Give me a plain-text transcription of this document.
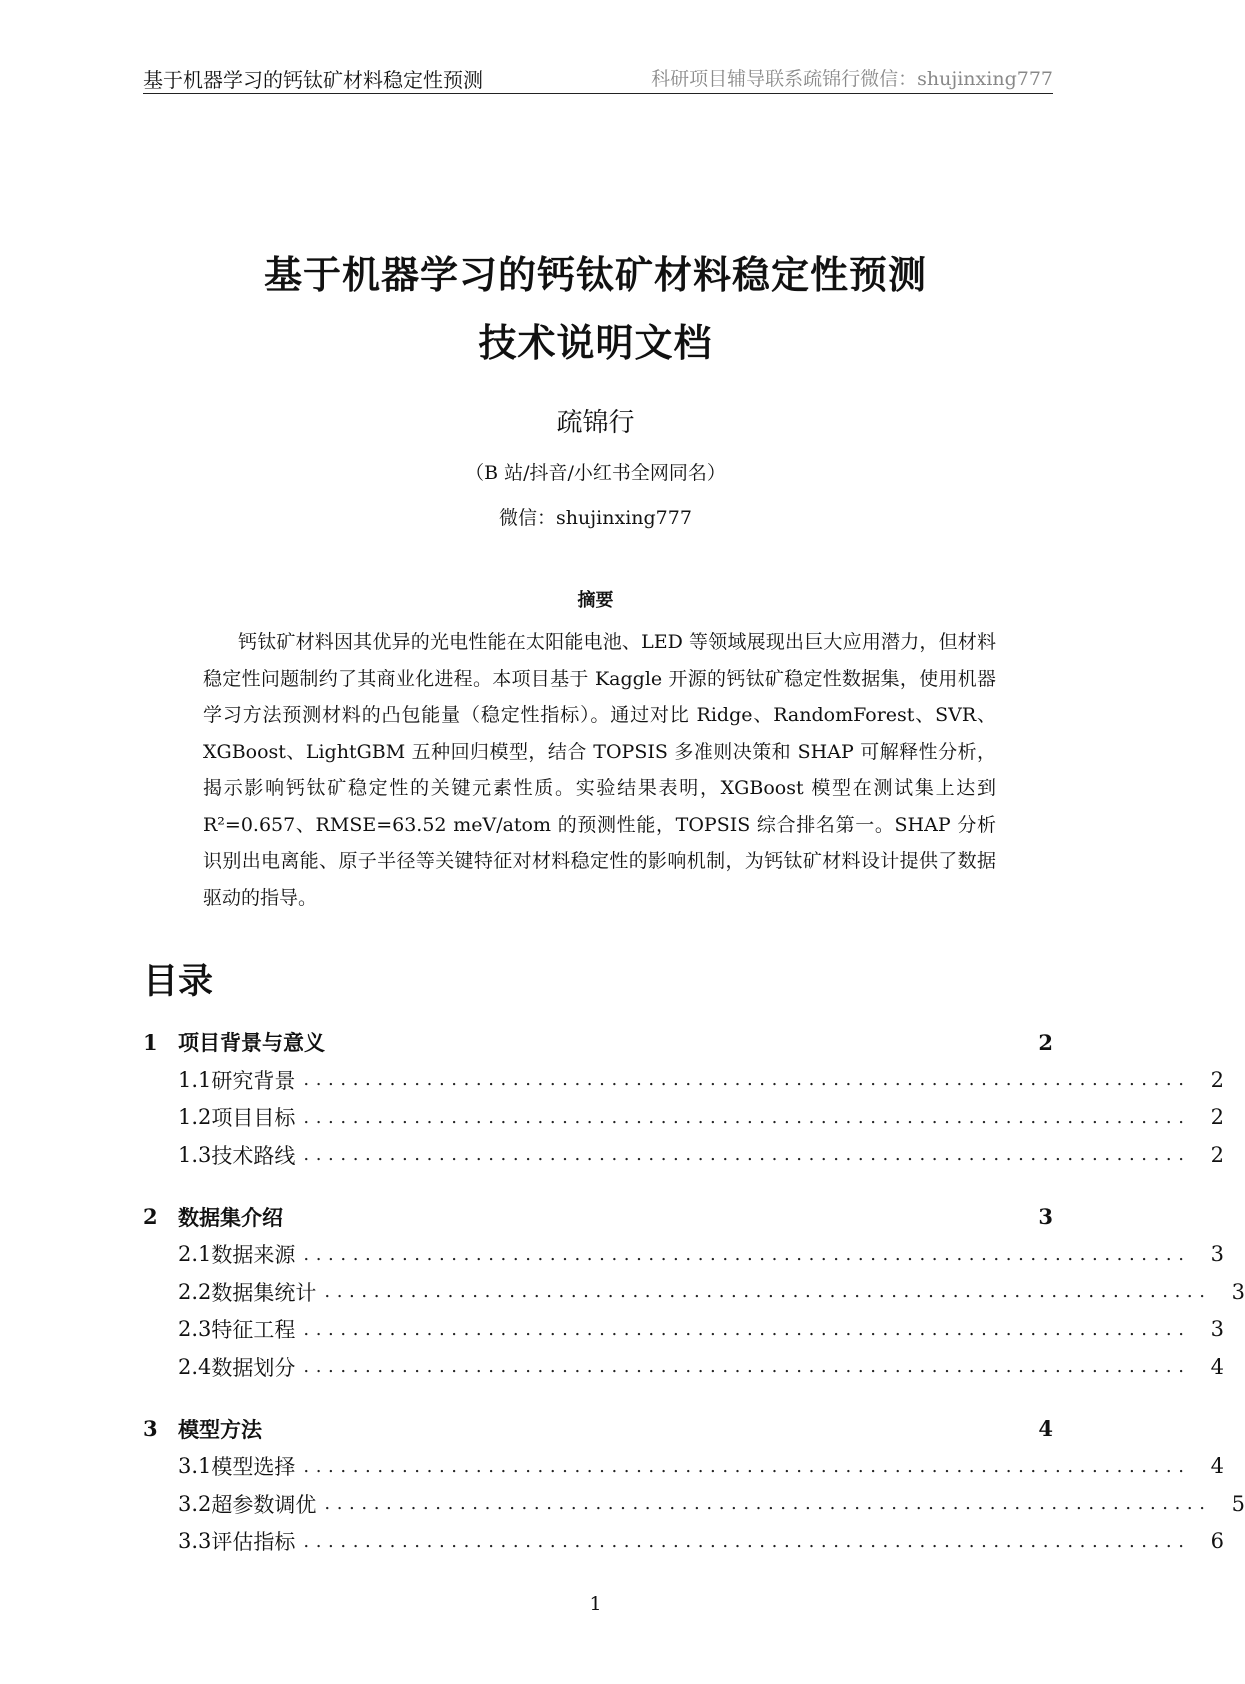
基于机器学习的钙钛矿材料稳定性预测	科研项目辅导联系疏锦行微信：shujinxing777
基于机器学习的钙钛矿材料稳定性预测
技术说明文档
疏锦行
（B 站/抖音/小红书全网同名）
微信：shujinxing777
摘要
钙钛矿材料因其优异的光电性能在太阳能电池、LED 等领域展现出巨大应用潜力，但材料稳定性问题制约了其商业化进程。本项目基于 Kaggle 开源的钙钛矿稳定性数据集，使用机器学习方法预测材料的凸包能量（稳定性指标）。通过对比 Ridge、RandomForest、SVR、XGBoost、LightGBM 五种回归模型，结合 TOPSIS 多准则决策和 SHAP 可解释性分析，揭示影响钙钛矿稳定性的关键元素性质。实验结果表明，XGBoost 模型在测试集上达到 R²=0.657、RMSE=63.52 meV/atom 的预测性能，TOPSIS 综合排名第一。SHAP 分析识别出电离能、原子半径等关键特征对材料稳定性的影响机制，为钙钛矿材料设计提供了数据驱动的指导。
目录
1 项目背景与意义	2
1.1 研究背景 ........................................................................ 2
1.2 项目目标 ........................................................................ 2
1.3 技术路线 ........................................................................ 2
2 数据集介绍	3
2.1 数据来源 ........................................................................ 3
2.2 数据集统计 ........................................................................ 3
2.3 特征工程 ........................................................................ 3
2.4 数据划分 ........................................................................ 4
3 模型方法	4
3.1 模型选择 ........................................................................ 4
3.2 超参数调优 ........................................................................ 5
3.3 评估指标 ........................................................................ 6
1
